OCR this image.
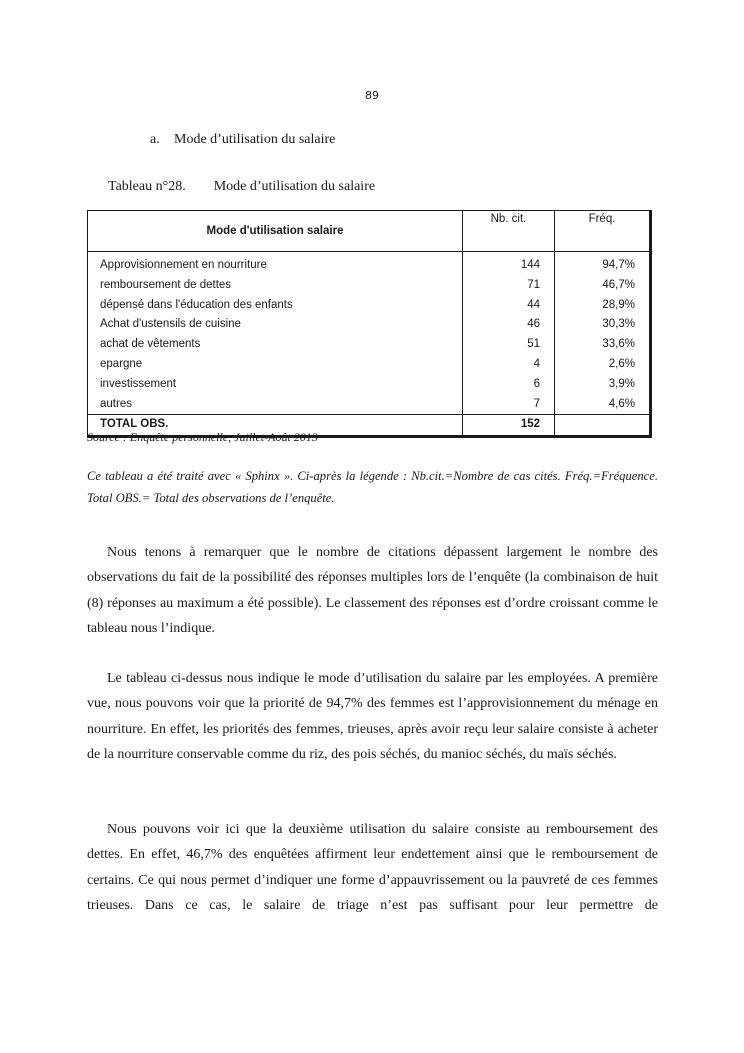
89
a. Mode d’utilisation du salaire
Tableau n°28. Mode d’utilisation du salaire
Mode d'utilisation salaire	Nb. cit.	Fréq.
Approvisionnement en nourriture	144	94,7%
remboursement de dettes	71	46,7%
dépensé dans l'éducation des enfants	44	28,9%
Achat d'ustensils de cuisine	46	30,3%
achat de vêtements	51	33,6%
epargne	4	2,6%
investissement	6	3,9%
autres	7	4,6%
TOTAL OBS.	152	
Source : Enquête personnelle, Juillet-Août 2013
Ce tableau a été traité avec « Sphinx ». Ci-après la légende : Nb.cit.=Nombre de cas cités. Fréq.=Fréquence. Total OBS.= Total des observations de l’enquête.

Nous tenons à remarquer que le nombre de citations dépassent largement le nombre des observations du fait de la possibilité des réponses multiples lors de l’enquête (la combinaison de huit (8) réponses au maximum a été possible). Le classement des réponses est d’ordre croissant comme le tableau nous l’indique.

Le tableau ci-dessus nous indique le mode d’utilisation du salaire par les employées. A première vue, nous pouvons voir que la priorité de 94,7% des femmes est l’approvisionnement du ménage en nourriture. En effet, les priorités des femmes, trieuses, après avoir reçu leur salaire consiste à acheter de la nourriture conservable comme du riz, des pois séchés, du manioc séchés, du maïs séchés.

Nous pouvons voir ici que la deuxième utilisation du salaire consiste au remboursement des dettes. En effet, 46,7% des enquêtées affirment leur endettement ainsi que le remboursement de certains. Ce qui nous permet d’indiquer une forme d’appauvrissement ou la pauvreté de ces femmes trieuses. Dans ce cas, le salaire de triage n’est pas suffisant pour leur permettre de
